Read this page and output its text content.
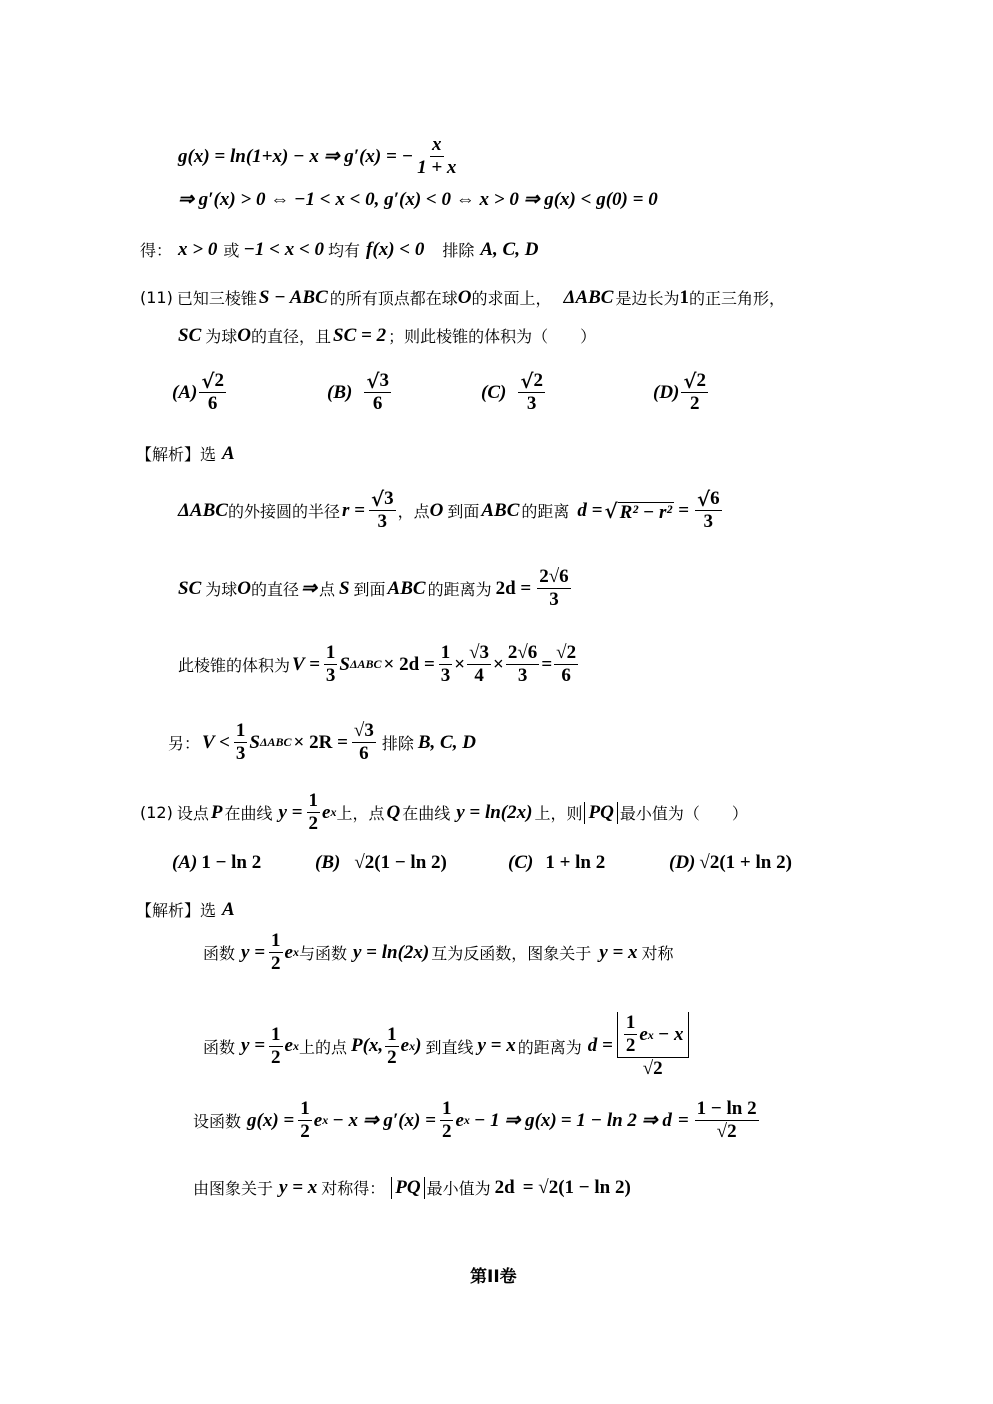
g(x) = ln(1+x) − x ⇒ g′(x) = − $\frac{x}{1 + x}$
⇒ g′(x) > 0 ⇔ −1 < x < 0, g′(x) < 0 ⇔ x > 0 ⇒ g(x) < g(0) = 0
得： x > 0 或 −1 < x < 0 均有 f(x) < 0 排除 A, C, D
(11) 已知三棱锥 S − ABC 的所有顶点都在球 O 的求面上， ΔABC 是边长为 1 的正三角形，
SC 为球 O 的直径，且 SC = 2 ；则此棱锥的体积为（　　）
$(A) \frac{√ 2}{6}$	$(B) \frac{√ 3}{6}$	$(C) \frac{√ 2}{3}$	$(D) \frac{√ 2}{2}$
【解析】选 A
ΔABC 的外接圆的半径 $r = \frac{√ 3}{3}$ ，点 O 到面 ABC 的距离 d = √ $R^2 - r^2 = \frac{√ 6}{3}$
SC 为球 O 的直径 ⇒ 点 S 到面 ABC 的距离为 $2d = \frac{2√6}{3}$
此棱锥的体积为 $V = \frac{1}{3}$ S $\Delta ABC \times 2d = \frac{1}{3} \times \frac{√3}{4} \times \frac{2√6}{3} = \frac{√2}{6}$
另： $V < \frac{1}{3}$ S $\Delta ABC \times 2R = \frac{√3}{6}$ 排除 B, C, D
(12) 设点 P 在曲线 $y = \frac{1}{2}$ e x 上，点 Q 在曲线 y = ln(2x) 上，则 PQ 最小值为（　　）
(A) 1 − ln 2	(B) √2(1 − ln 2)	(C) 1 + ln 2	(D) √2(1 + ln 2)
【解析】选 A
函数 $y = \frac{1}{2}$ e x 与函数 y = ln(2x) 互为反函数，图象关于 y = x 对称
函数 $y = \frac{1}{2}$ e x 上的点 P(x, $\frac{1}{2}$ e x ) 到直线 y = x 的距离为 $d = \frac{\frac{1}{2} e x - x}{√2}$
设函数 $g(x) = \frac{1}{2}$ e x − x ⇒ $g'(x) = \frac{1}{2}$ e x − 1 ⇒ g(x) = 1 − ln 2 ⇒ $d = \frac{1 - \ln 2}{√2}$
由图象关于 y = x 对称得： PQ 最小值为 2d = √2(1 − ln 2)
第II卷
